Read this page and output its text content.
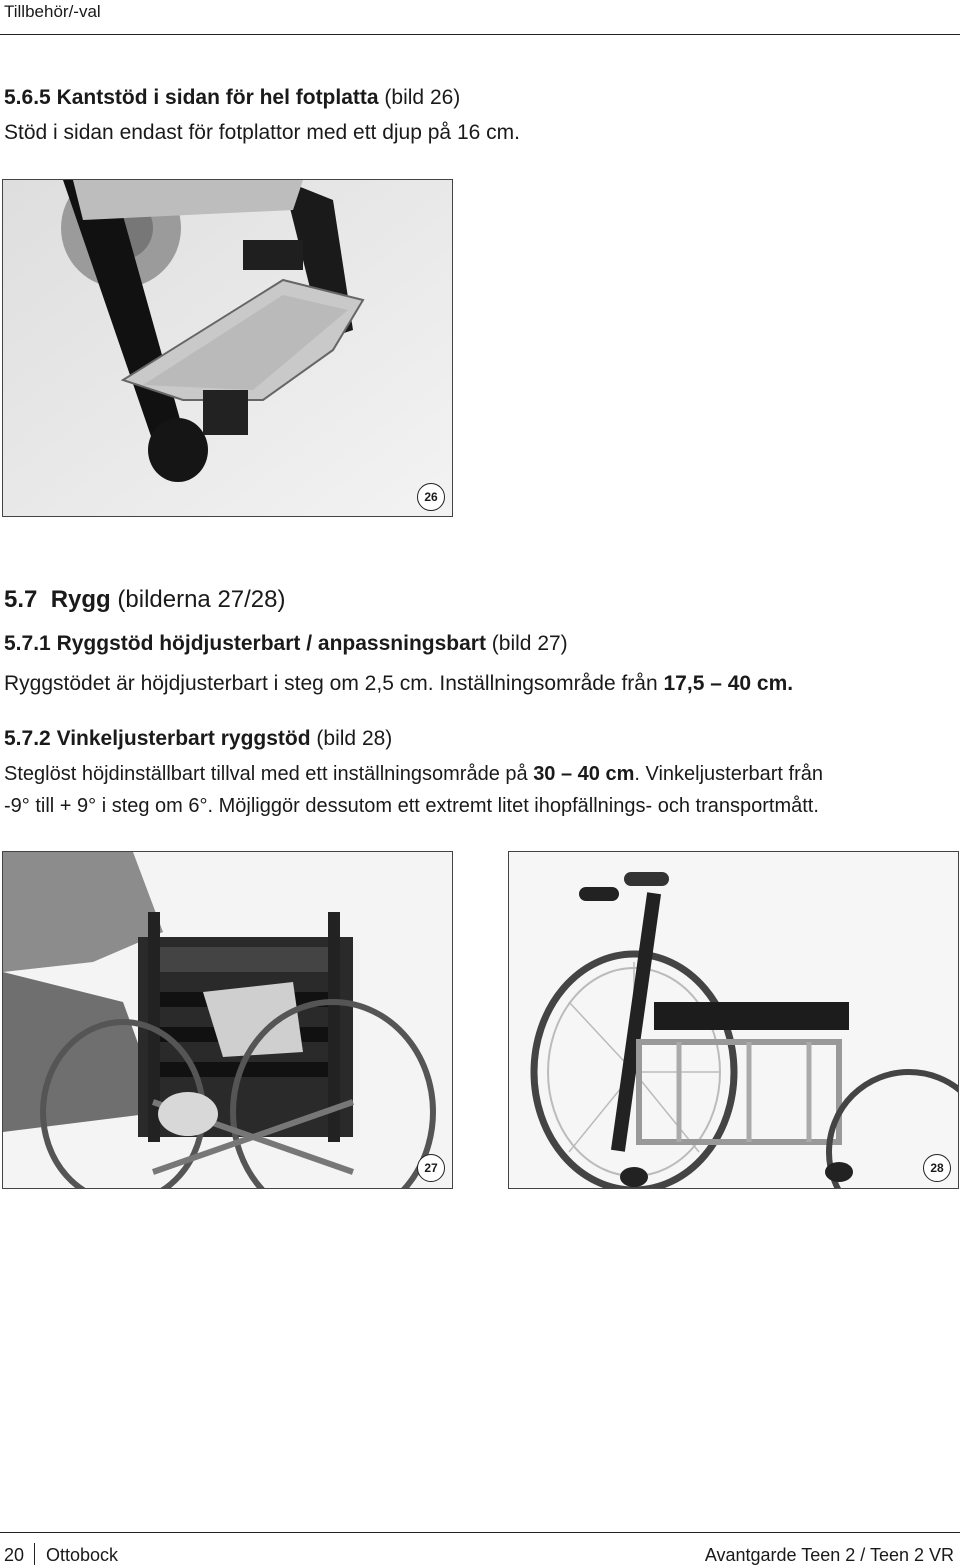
Tillbehör/-val
5.6.5 Kantstöd i sidan för hel fotplatta (bild 26)
Stöd i sidan endast för fotplattor med ett djup på 16 cm.
26
5.7 Rygg (bilderna 27/28)
5.7.1 Ryggstöd höjdjusterbart / anpassningsbart (bild 27)
Ryggstödet är höjdjusterbart i steg om 2,5 cm. Inställningsområde från 17,5 – 40 cm.
5.7.2 Vinkeljusterbart ryggstöd (bild 28)
Steglöst höjdinställbart tillval med ett inställningsområde på 30 – 40 cm. Vinkeljusterbart från
-9° till + 9° i steg om 6°. Möjliggör dessutom ett extremt litet ihopfällnings- och transportmått.
27	28
20 Ottobock	Avantgarde Teen 2 / Teen 2 VR
